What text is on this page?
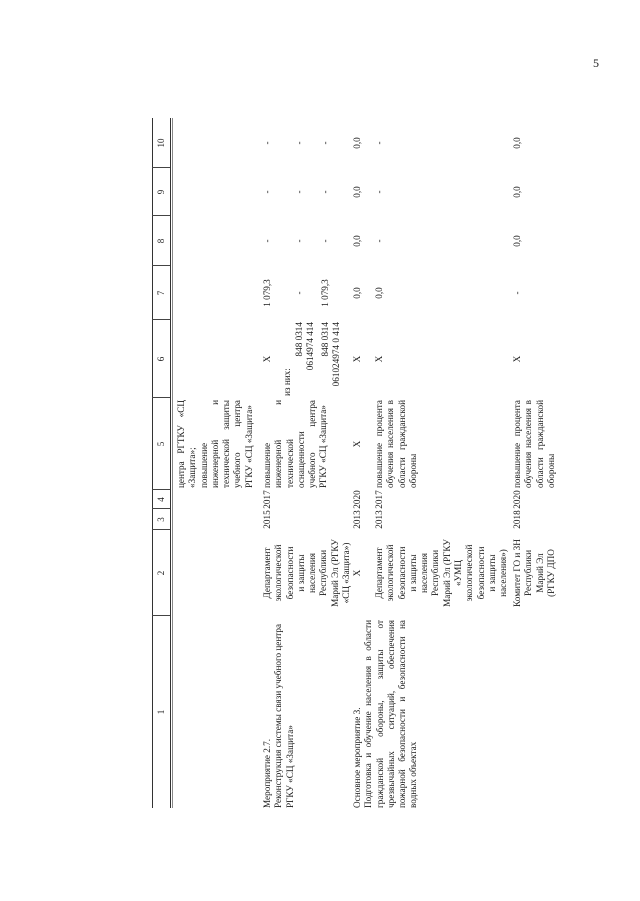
5
1
2
3
4
5
6
7
8
9
10
центра РГТКУ «СЦ «Защита»;
повышение инженерной и технической защиты учебного центра РГКУ «СЦ «Защита»
Мероприятие 2.7.
Реконструкция системы связи учебного центра РГКУ «СЦ «Защита»
Департамент
экологической
безопасности
и защиты
населения
Республики
Марий Эл (РГКУ
«СЦ «Защита»)
2015
2017
повышение инженерной и технической оснащенности учебного центра РГКУ «СЦ «Защита»
X
из них:
848 0314
0614974 414
848 0314
061024974 0 414
1 079,3
-
-
-
-
-
-
-
1 079,3
-
-
-
Основное мероприятие 3.
Подготовка и обучение населения в области гражданской обороны, защиты от чрезвычайных ситуаций, обеспечения пожарной безопасности и безопасности на водных объектах
X
2013
2020
X
X
0,0
0,0
0,0
0,0
Департамент
экологической
безопасности
и защиты
населения
Республики
Марий Эл (РГКУ
«УМЦ
экологической
безопасности
и защиты
населения»)
2013
2017
повышение процента обучения населения в области гражданской обороны
X
0,0
-
-
-
Комитет ГО и ЗН
Республики
Марий Эл
(РГКУ ДПО
2018
2020
повышение процента обучения населения в области гражданской обороны
X
-
0,0
0,0
0,0
